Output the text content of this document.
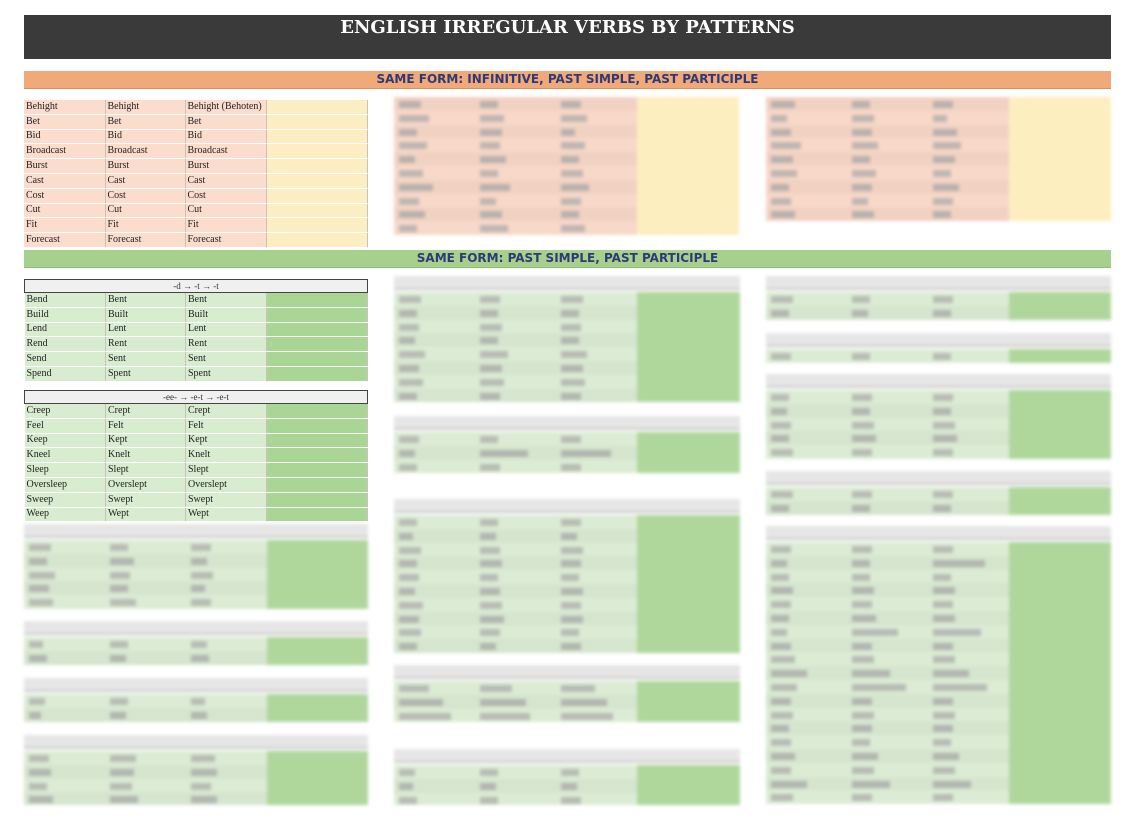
ENGLISH IRREGULAR VERBS BY PATTERNS
SAME FORM: INFINITIVE, PAST SIMPLE, PAST PARTICIPLE
Behight	Behight	Behight (Behoten)	
Bet	Bet	Bet	
Bid	Bid	Bid	
Broadcast	Broadcast	Broadcast	
Burst	Burst	Burst	
Cast	Cast	Cast	
Cost	Cost	Cost	
Cut	Cut	Cut	
Fit	Fit	Fit	
Forecast	Forecast	Forecast	
SAME FORM: PAST SIMPLE, PAST PARTICIPLE
-d → -t → -t			
Bend	Bent	Bent	
Build	Built	Built	
Lend	Lent	Lent	
Rend	Rent	Rent	
Send	Sent	Sent	
Spend	Spent	Spent	
-ee- → -e-t → -e-t			
Creep	Crept	Crept	
Feel	Felt	Felt	
Keep	Kept	Kept	
Kneel	Knelt	Knelt	
Sleep	Slept	Slept	
Oversleep	Overslept	Overslept	
Sweep	Swept	Swept	
Weep	Wept	Wept	
